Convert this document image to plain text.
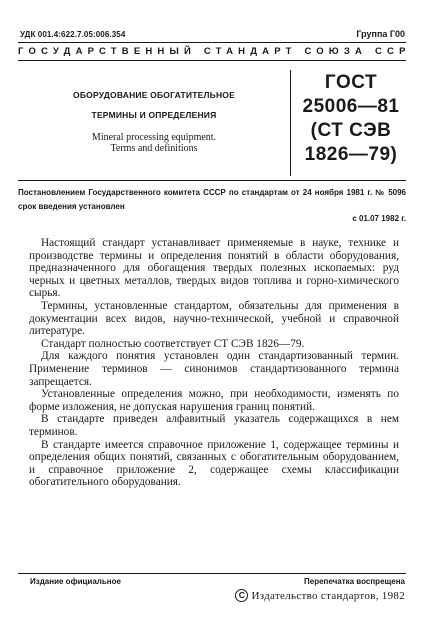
УДК 001.4:622.7.05:006.354	Группа Г00
ГОСУДАРСТВЕННЫЙ СТАНДАРТ СОЮЗА ССР
ОБОРУДОВАНИЕ ОБОГАТИТЕЛЬНОЕ
ТЕРМИНЫ И ОПРЕДЕЛЕНИЯ
Mineral processing equipment.
Terms and definitions
ГОСТ
25006—81
(СТ СЭВ
1826—79)
Постановлением Государственного комитета СССР по стандартам от 24 ноября 1981 г. № 5096 срок введения установлен
с 01.07 1982 г.

Настоящий стандарт устанавливает применяемые в науке, технике и производстве термины и определения понятий в области оборудования, предназначенного для обогащения твердых полезных ископаемых: руд черных и цветных металлов, твердых видов топлива и горно-химического сырья.

Термины, установленные стандартом, обязательны для применения в документации всех видов, научно-технической, учебной и справочной литературе.

Стандарт полностью соответствует СТ СЭВ 1826—79.

Для каждого понятия установлен один стандартизованный термин. Применение терминов — синонимов стандартизованного термина запрещается.

Установленные определения можно, при необходимости, изменять по форме изложения, не допуская нарушения границ понятий.

В стандарте приведен алфавитный указатель содержащихся в нем терминов.

В стандарте имеется справочное приложение 1, содержащее термины и определения общих понятий, связанных с обогатительным оборудованием, и справочное приложение 2, содержащее схемы классификации обогатительного оборудования.

Издание официальное	Перепечатка воспрещена
С Издательство стандартов, 1982
